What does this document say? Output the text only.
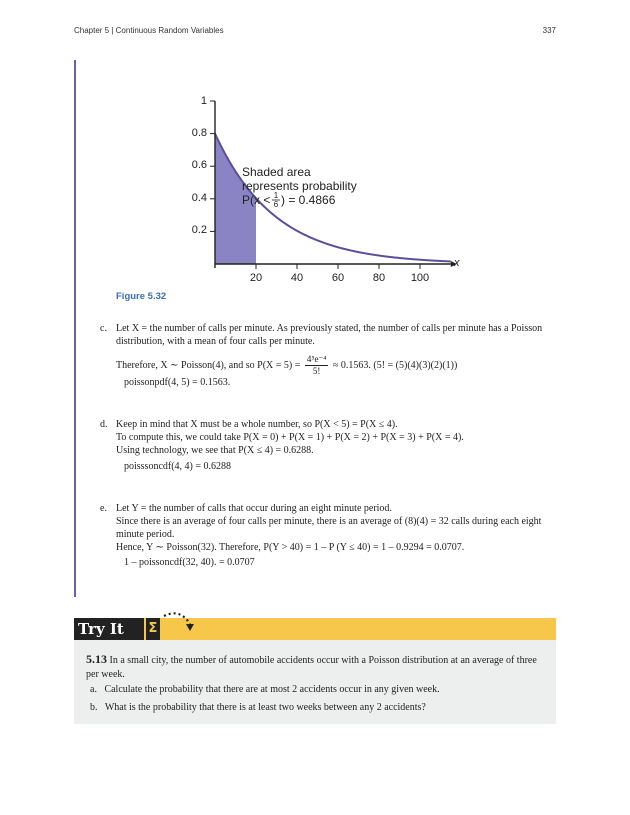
Chapter 5 | Continuous Random Variables	337
1
0.8
0.6
0.4
0.2
20	40	60	80 100
x
Shaded area
represents probability
P(x < 1
6 ) = 0.4866
Figure 5.32
c. Let X = the number of calls per minute. As previously stated, the number of calls per minute has a Poisson
distribution, with a mean of four calls per minute.
Therefore, X ∼ Poisson(4), and so $P(X = 5) = \frac{\text{4⁵e⁻⁴}}{5!} \approx 0.1563$. (5! = (5)(4)(3)(2)(1))
poissonpdf(4, 5) = 0.1563.
d. Keep in mind that X must be a whole number, so P(X < 5) = P(X ≤ 4).
To compute this, we could take P(X = 0) + P(X = 1) + P(X = 2) + P(X = 3) + P(X = 4).
Using technology, we see that P(X ≤ 4) = 0.6288.
poisssoncdf(4, 4) = 0.6288
e. Let Y = the number of calls that occur during an eight minute period.
Since there is an average of four calls per minute, there is an average of (8)(4) = 32 calls during each eight
minute period.
Hence, Y ∼ Poisson(32). Therefore, P(Y > 40) = 1 – P (Y ≤ 40) = 1 – 0.9294 = 0.0707.
1 – poissoncdf(32, 40). = 0.0707
Try It	Σ
5.13 In a small city, the number of automobile accidents occur with a Poisson distribution at an average of three per week.
a. Calculate the probability that there are at most 2 accidents occur in any given week.
b. What is the probability that there is at least two weeks between any 2 accidents?
